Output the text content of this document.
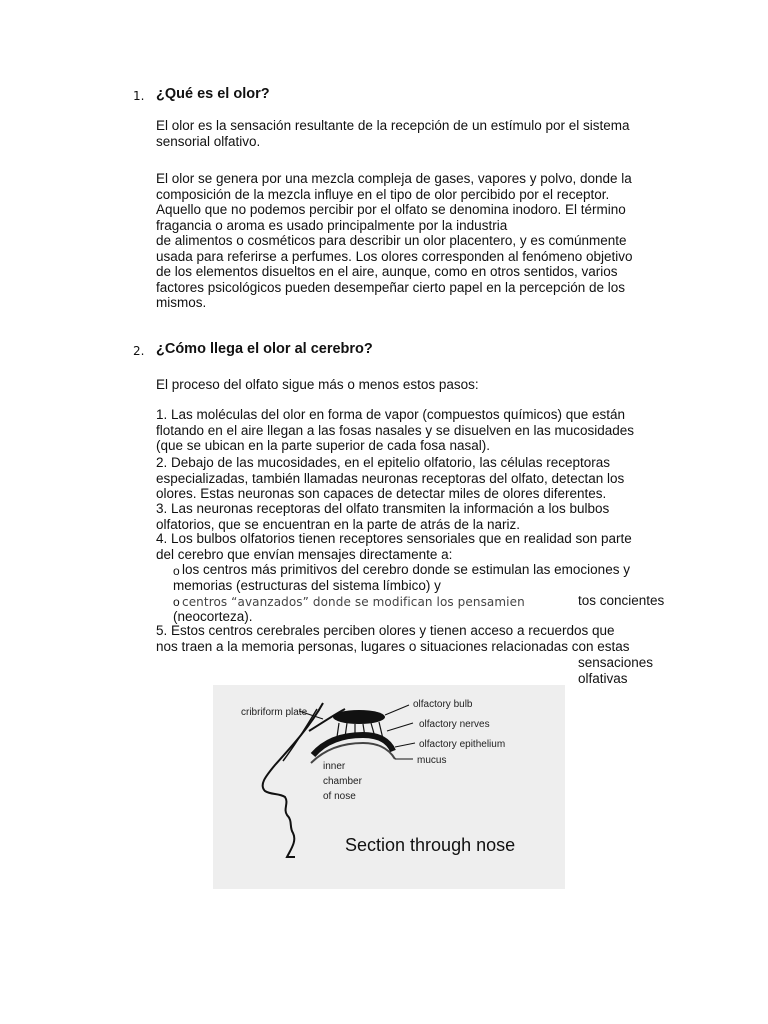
1. ¿Qué es el olor?

El olor es la sensación resultante de la recepción de un estímulo por el sistema
sensorial olfativo.

El olor se genera por una mezcla compleja de gases, vapores y polvo, donde la
composición de la mezcla influye en el tipo de olor percibido por el receptor.
Aquello que no podemos percibir por el olfato se denomina inodoro. El término
fragancia o aroma es usado principalmente por la industria
de alimentos o cosméticos para describir un olor placentero, y es comúnmente
usada para referirse a perfumes. Los olores corresponden al fenómeno objetivo
de los elementos disueltos en el aire, aunque, como en otros sentidos, varios
factores psicológicos pueden desempeñar cierto papel en la percepción de los
mismos.

2. ¿Cómo llega el olor al cerebro?

El proceso del olfato sigue más o menos estos pasos:

1. Las moléculas del olor en forma de vapor (compuestos químicos) que están
flotando en el aire llegan a las fosas nasales y se disuelven en las mucosidades
(que se ubican en la parte superior de cada fosa nasal).

2. Debajo de las mucosidades, en el epitelio olfatorio, las células receptoras
especializadas, también llamadas neuronas receptoras del olfato, detectan los
olores. Estas neuronas son capaces de detectar miles de olores diferentes.

3. Las neuronas receptoras del olfato transmiten la información a los bulbos
olfatorios, que se encuentran en la parte de atrás de la nariz.

4. Los bulbos olfatorios tienen receptores sensoriales que en realidad son parte
del cerebro que envían mensajes directamente a:

o los centros más primitivos del cerebro donde se estimulan las emociones y
memorias (estructuras del sistema límbico) y

o centros “avanzados” donde se modifican los pensamien	tos concientes
(neocorteza).

5. Estos centros cerebrales perciben olores y tienen acceso a recuerdos que
nos traen a la memoria personas, lugares o situaciones relacionadas con estas

sensaciones
olfativas

cribriform plate
olfactory bulb
olfactory nerves
olfactory epithelium
mucus
inner chamber of nose
Section through nose
